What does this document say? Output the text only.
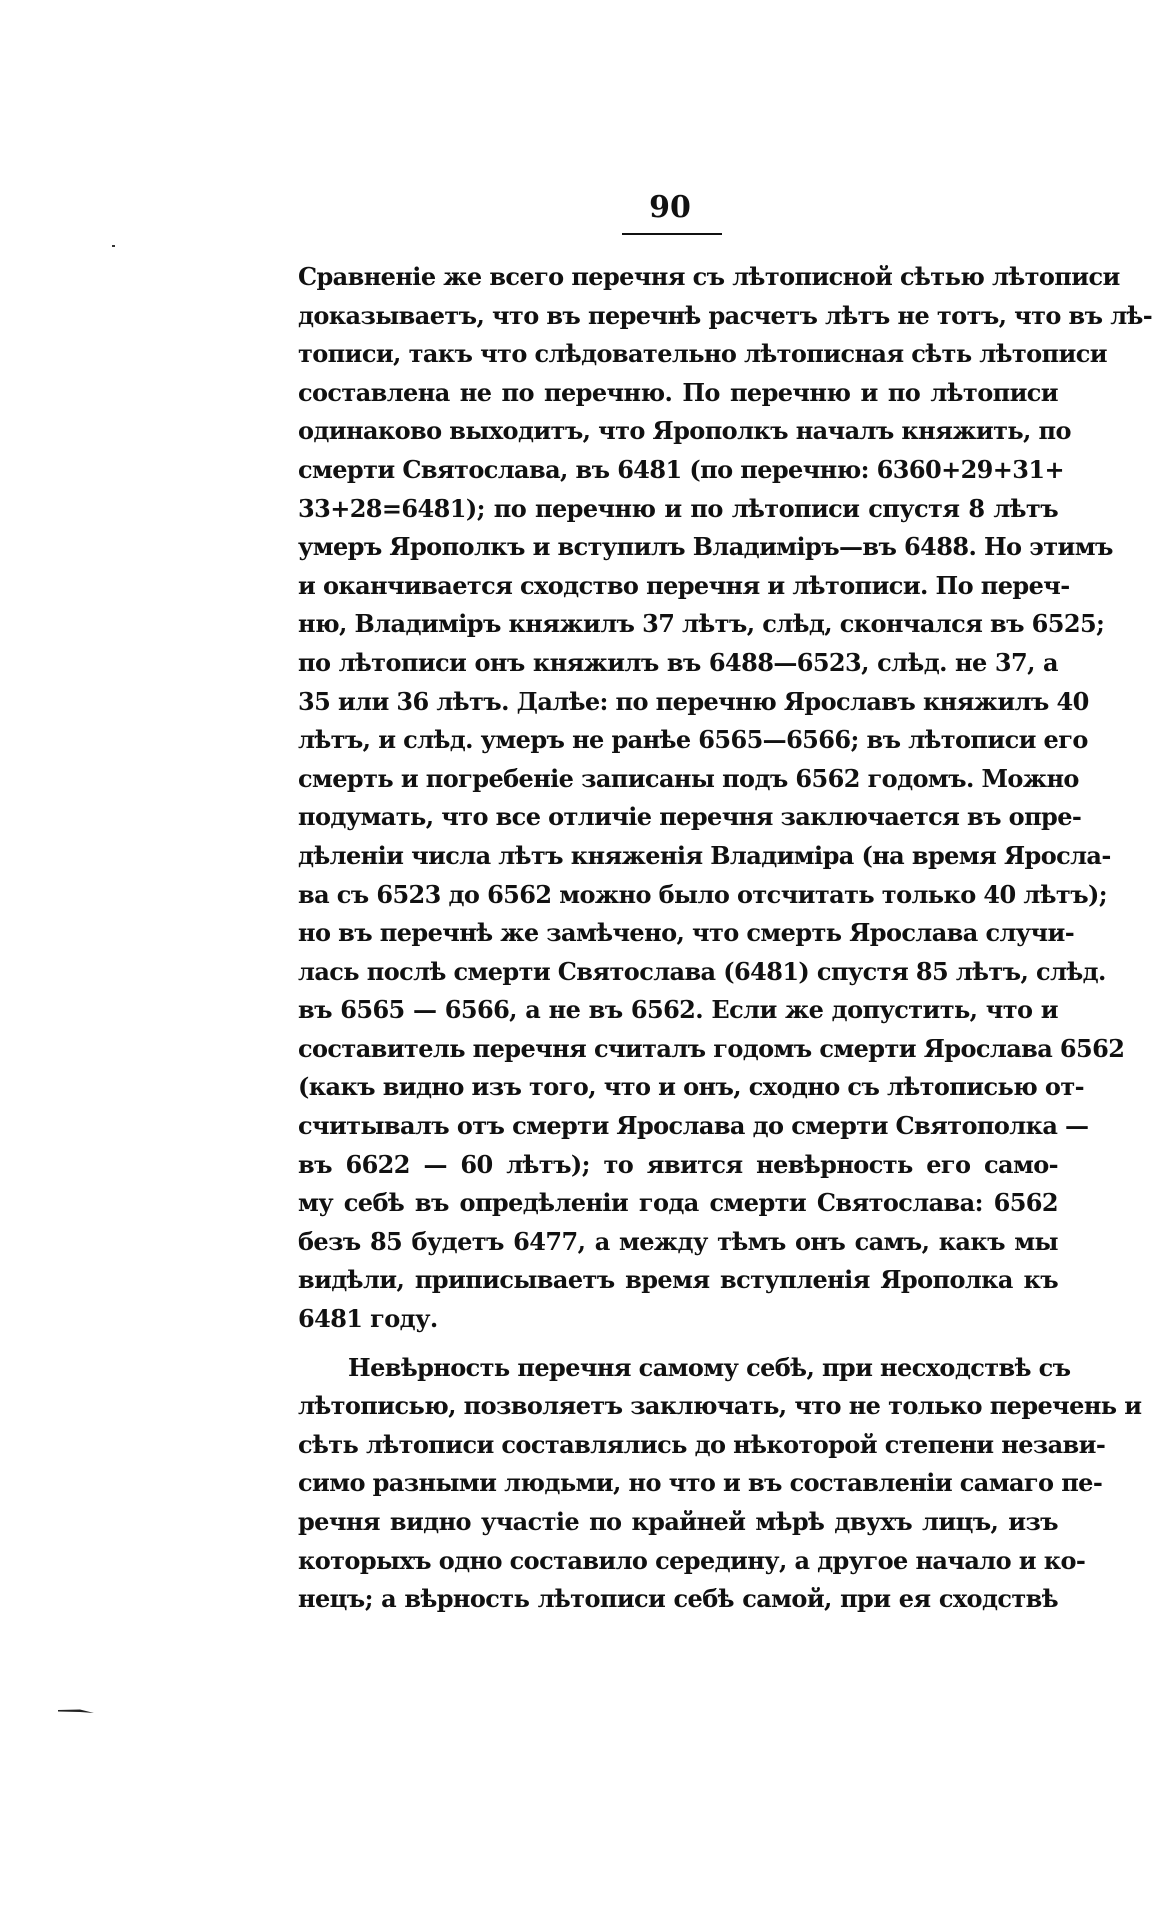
90
Сравненіе же всего перечня съ лѣтописной сѣтью лѣтописи
доказываетъ, что въ перечнѣ расчетъ лѣтъ не тотъ, что въ лѣ-
тописи, такъ что слѣдовательно лѣтописная сѣть лѣтописи
составлена не по перечню. По перечню и по лѣтописи
одинаково выходитъ, что Ярополкъ началъ княжить, по
смерти Святослава, въ 6481 (по перечню: 6360+29+31+
33+28=6481); по перечню и по лѣтописи спустя 8 лѣтъ
умеръ Ярополкъ и вступилъ Владиміръ—въ 6488. Но этимъ
и оканчивается сходство перечня и лѣтописи. По переч-
ню, Владиміръ княжилъ 37 лѣтъ, слѣд, скончался въ 6525;
по лѣтописи онъ княжилъ въ 6488—6523, слѣд. не 37, а
35 или 36 лѣтъ. Далѣе: по перечню Ярославъ княжилъ 40
лѣтъ, и слѣд. умеръ не ранѣе 6565—6566; въ лѣтописи его
смерть и погребеніе записаны подъ 6562 годомъ. Можно
подумать, что все отличіе перечня заключается въ опре-
дѣленіи числа лѣтъ княженія Владиміра (на время Яросла-
ва съ 6523 до 6562 можно было отсчитать только 40 лѣтъ);
но въ перечнѣ же замѣчено, что смерть Ярослава случи-
лась послѣ смерти Святослава (6481) спустя 85 лѣтъ, слѣд.
въ 6565 — 6566, а не въ 6562. Если же допустить, что и
составитель перечня считалъ годомъ смерти Ярослава 6562
(какъ видно изъ того, что и онъ, сходно съ лѣтописью от-
считывалъ отъ смерти Ярослава до смерти Святополка —
въ 6622 — 60 лѣтъ); то явится невѣрность его само-
му себѣ въ опредѣленіи года смерти Святослава: 6562
безъ 85 будетъ 6477, а между тѣмъ онъ самъ, какъ мы
видѣли, приписываетъ время вступленія Ярополка къ
6481 году.
Невѣрность перечня самому себѣ, при несходствѣ съ
лѣтописью, позволяетъ заключать, что не только перечень и
сѣть лѣтописи составлялись до нѣкоторой степени незави-
симо разными людьми, но что и въ составленіи самаго пе-
речня видно участіе по крайней мѣрѣ двухъ лицъ, изъ
которыхъ одно составило середину, а другое начало и ко-
нецъ; а вѣрность лѣтописи себѣ самой, при ея сходствѣ
